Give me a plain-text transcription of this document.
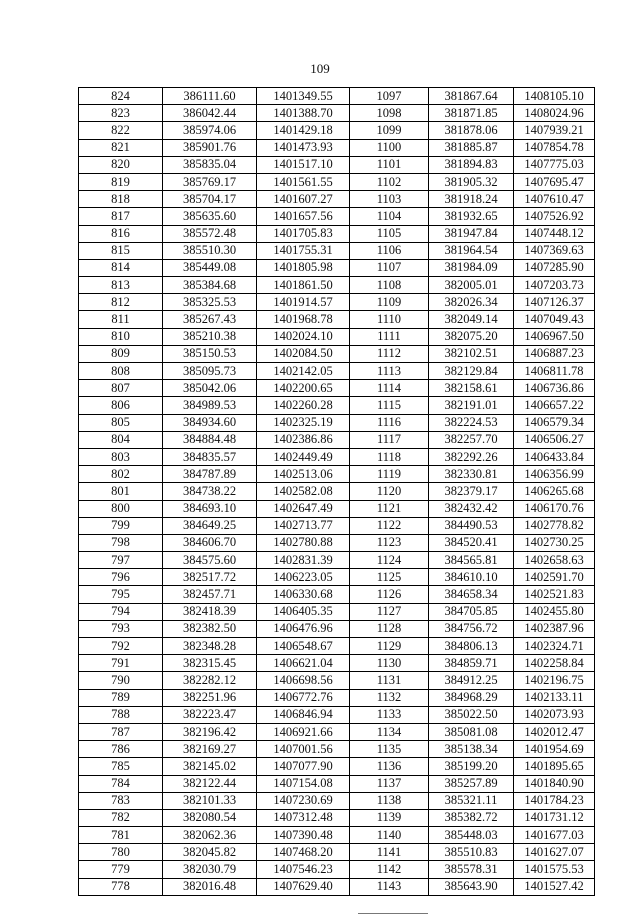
109
824	386111.60	1401349.55	1097	381867.64	1408105.10
823	386042.44	1401388.70	1098	381871.85	1408024.96
822	385974.06	1401429.18	1099	381878.06	1407939.21
821	385901.76	1401473.93	1100	381885.87	1407854.78
820	385835.04	1401517.10	1101	381894.83	1407775.03
819	385769.17	1401561.55	1102	381905.32	1407695.47
818	385704.17	1401607.27	1103	381918.24	1407610.47
817	385635.60	1401657.56	1104	381932.65	1407526.92
816	385572.48	1401705.83	1105	381947.84	1407448.12
815	385510.30	1401755.31	1106	381964.54	1407369.63
814	385449.08	1401805.98	1107	381984.09	1407285.90
813	385384.68	1401861.50	1108	382005.01	1407203.73
812	385325.53	1401914.57	1109	382026.34	1407126.37
811	385267.43	1401968.78	1110	382049.14	1407049.43
810	385210.38	1402024.10	1111	382075.20	1406967.50
809	385150.53	1402084.50	1112	382102.51	1406887.23
808	385095.73	1402142.05	1113	382129.84	1406811.78
807	385042.06	1402200.65	1114	382158.61	1406736.86
806	384989.53	1402260.28	1115	382191.01	1406657.22
805	384934.60	1402325.19	1116	382224.53	1406579.34
804	384884.48	1402386.86	1117	382257.70	1406506.27
803	384835.57	1402449.49	1118	382292.26	1406433.84
802	384787.89	1402513.06	1119	382330.81	1406356.99
801	384738.22	1402582.08	1120	382379.17	1406265.68
800	384693.10	1402647.49	1121	382432.42	1406170.76
799	384649.25	1402713.77	1122	384490.53	1402778.82
798	384606.70	1402780.88	1123	384520.41	1402730.25
797	384575.60	1402831.39	1124	384565.81	1402658.63
796	382517.72	1406223.05	1125	384610.10	1402591.70
795	382457.71	1406330.68	1126	384658.34	1402521.83
794	382418.39	1406405.35	1127	384705.85	1402455.80
793	382382.50	1406476.96	1128	384756.72	1402387.96
792	382348.28	1406548.67	1129	384806.13	1402324.71
791	382315.45	1406621.04	1130	384859.71	1402258.84
790	382282.12	1406698.56	1131	384912.25	1402196.75
789	382251.96	1406772.76	1132	384968.29	1402133.11
788	382223.47	1406846.94	1133	385022.50	1402073.93
787	382196.42	1406921.66	1134	385081.08	1402012.47
786	382169.27	1407001.56	1135	385138.34	1401954.69
785	382145.02	1407077.90	1136	385199.20	1401895.65
784	382122.44	1407154.08	1137	385257.89	1401840.90
783	382101.33	1407230.69	1138	385321.11	1401784.23
782	382080.54	1407312.48	1139	385382.72	1401731.12
781	382062.36	1407390.48	1140	385448.03	1401677.03
780	382045.82	1407468.20	1141	385510.83	1401627.07
779	382030.79	1407546.23	1142	385578.31	1401575.53
778	382016.48	1407629.40	1143	385643.90	1401527.42
